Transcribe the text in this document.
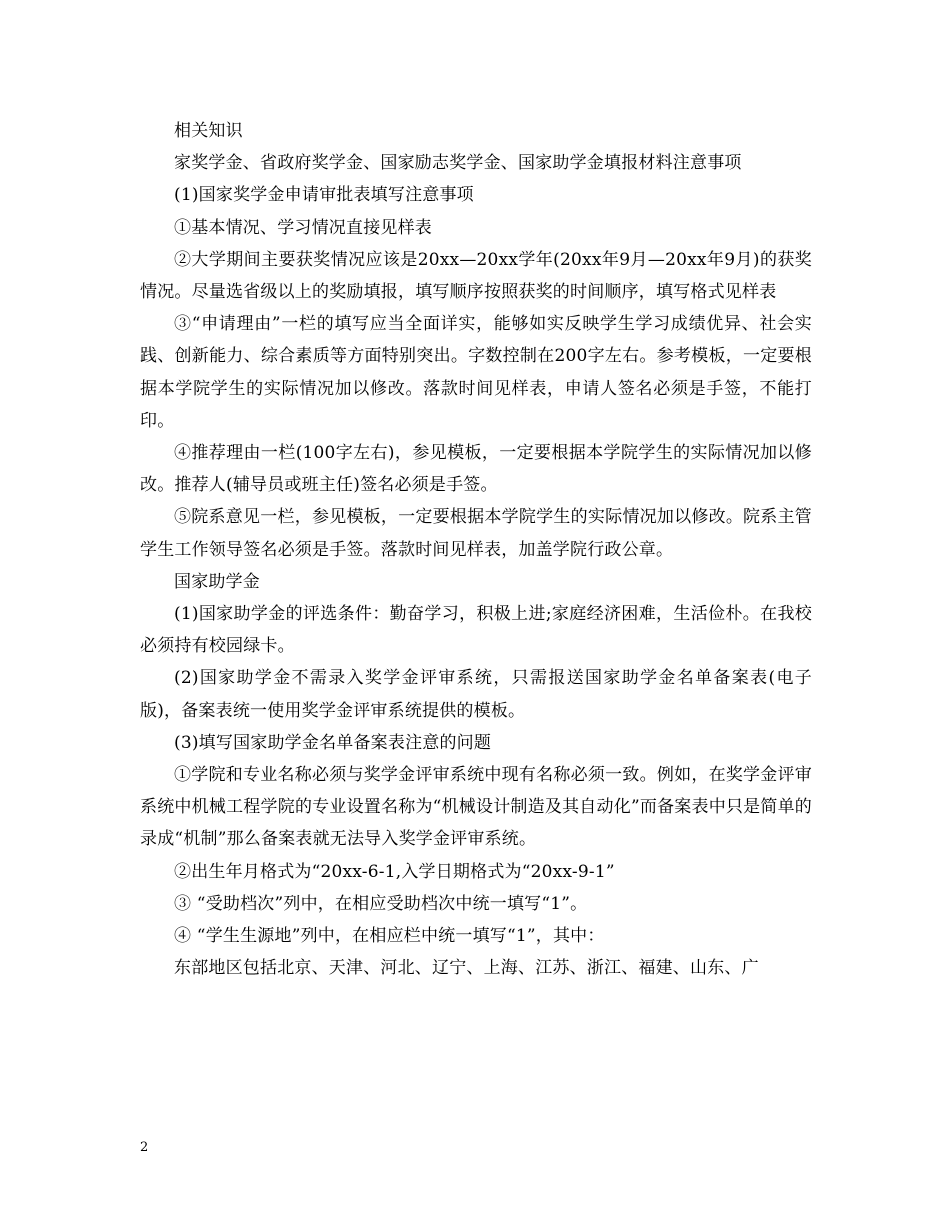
相关知识

家奖学金、省政府奖学金、国家励志奖学金、国家助学金填报材料注意事项

(1)国家奖学金申请审批表填写注意事项

①基本情况、学习情况直接见样表

②大学期间主要获奖情况应该是20xx—20xx学年(20xx年9月—20xx年9月)的获奖情况。尽量选省级以上的奖励填报，填写顺序按照获奖的时间顺序，填写格式见样表

③“申请理由”一栏的填写应当全面详实，能够如实反映学生学习成绩优异、社会实践、创新能力、综合素质等方面特别突出。字数控制在200字左右。参考模板，一定要根据本学院学生的实际情况加以修改。落款时间见样表，申请人签名必须是手签，不能打印。

④推荐理由一栏(100字左右)，参见模板，一定要根据本学院学生的实际情况加以修改。推荐人(辅导员或班主任)签名必须是手签。

⑤院系意见一栏，参见模板，一定要根据本学院学生的实际情况加以修改。院系主管学生工作领导签名必须是手签。落款时间见样表，加盖学院行政公章。

国家助学金

(1)国家助学金的评选条件：勤奋学习，积极上进;家庭经济困难，生活俭朴。在我校必须持有校园绿卡。

(2)国家助学金不需录入奖学金评审系统，只需报送国家助学金名单备案表(电子版)，备案表统一使用奖学金评审系统提供的模板。

(3)填写国家助学金名单备案表注意的问题

①学院和专业名称必须与奖学金评审系统中现有名称必须一致。例如，在奖学金评审系统中机械工程学院的专业设置名称为“机械设计制造及其自动化”而备案表中只是简单的录成“机制”那么备案表就无法导入奖学金评审系统。

②出生年月格式为“20xx-6-1,入学日期格式为“20xx-9-1”

③ “受助档次”列中，在相应受助档次中统一填写“1”。

④ “学生生源地”列中，在相应栏中统一填写“1”，其中：

东部地区包括北京、天津、河北、辽宁、上海、江苏、浙江、福建、山东、广

2
